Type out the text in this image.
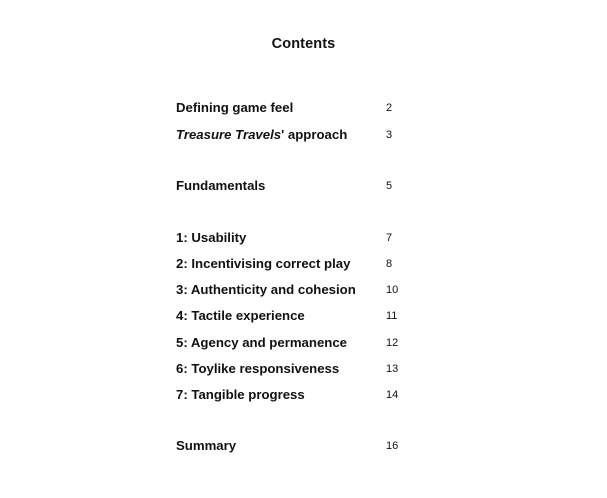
Contents
Defining game feel	2
Treasure Travels' approach	3
Fundamentals	5
1: Usability	7
2: Incentivising correct play	8
3: Authenticity and cohesion	10
4: Tactile experience	11
5: Agency and permanence	12
6: Toylike responsiveness	13
7: Tangible progress	14
Summary	16
